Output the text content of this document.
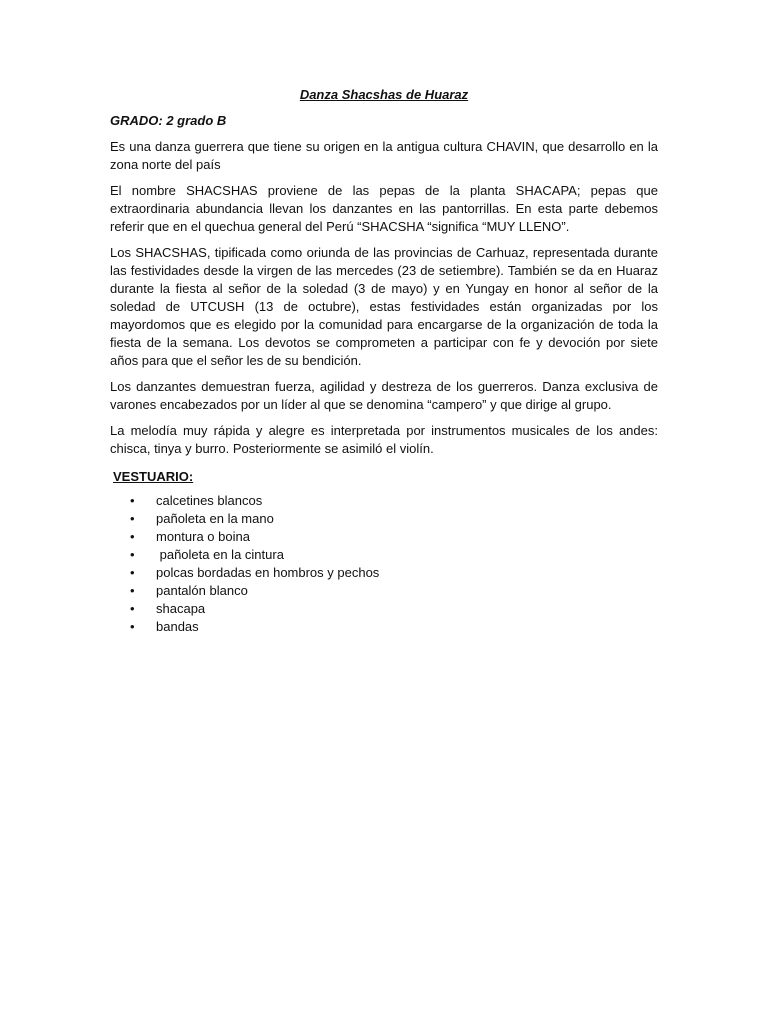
Danza Shacshas de Huaraz
GRADO: 2 grado B

Es una danza guerrera que tiene su origen en la antigua cultura CHAVIN, que desarrollo en la zona norte del país

El nombre SHACSHAS proviene de las pepas de la planta SHACAPA; pepas que extraordinaria abundancia llevan los danzantes en las pantorrillas. En esta parte debemos referir que en el quechua general del Perú “SHACSHA “significa “MUY LLENO”.

Los SHACSHAS, tipificada como oriunda de las provincias de Carhuaz, representada durante las festividades desde la virgen de las mercedes (23 de setiembre). También se da en Huaraz durante la fiesta al señor de la soledad (3 de mayo) y en Yungay en honor al señor de la soledad de UTCUSH (13 de octubre), estas festividades están organizadas por los mayordomos que es elegido por la comunidad para encargarse de la organización de toda la fiesta de la semana. Los devotos se comprometen a participar con fe y devoción por siete años para que el señor les de su bendición.

Los danzantes demuestran fuerza, agilidad y destreza de los guerreros. Danza exclusiva de varones encabezados por un líder al que se denomina “campero” y que dirige al grupo.

La melodía muy rápida y alegre es interpretada por instrumentos musicales de los andes: chisca, tinya y burro. Posteriormente se asimiló el violín.

VESTUARIO:
• calcetines blancos
• pañoleta en la mano
• montura o boina
• pañoleta en la cintura
• polcas bordadas en hombros y pechos
• pantalón blanco
• shacapa
• bandas
